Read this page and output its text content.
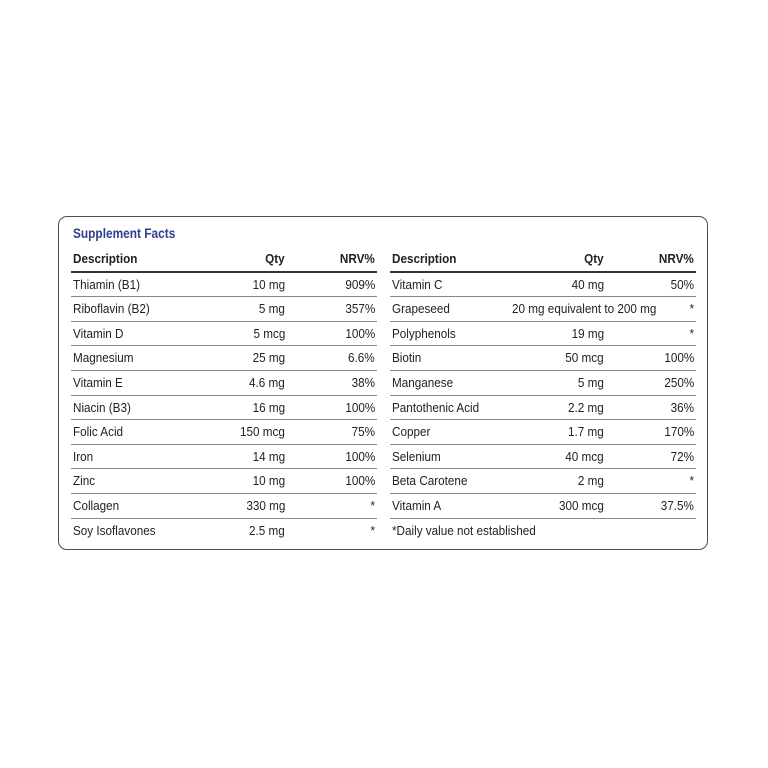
Supplement Facts
Description	Qty	NRV%
Thiamin (B1)	10 mg	909%
Riboflavin (B2)	5 mg	357%
Vitamin D	5 mcg	100%
Magnesium	25 mg	6.6%
Vitamin E	4.6 mg	38%
Niacin (B3)	16 mg	100%
Folic Acid	150 mcg	75%
Iron	14 mg	100%
Zinc	10 mg	100%
Collagen	330 mg	*
Soy Isoflavones	2.5 mg	*
Description	Qty	NRV%
Vitamin C	40 mg	50%
Grapeseed	20 mg equivalent to 200 mg	*
Polyphenols	19 mg	*
Biotin	50 mcg	100%
Manganese	5 mg	250%
Pantothenic Acid	2.2 mg	36%
Copper	1.7 mg	170%
Selenium	40 mcg	72%
Beta Carotene	2 mg	*
Vitamin A	300 mcg	37.5%
*Daily value not established
